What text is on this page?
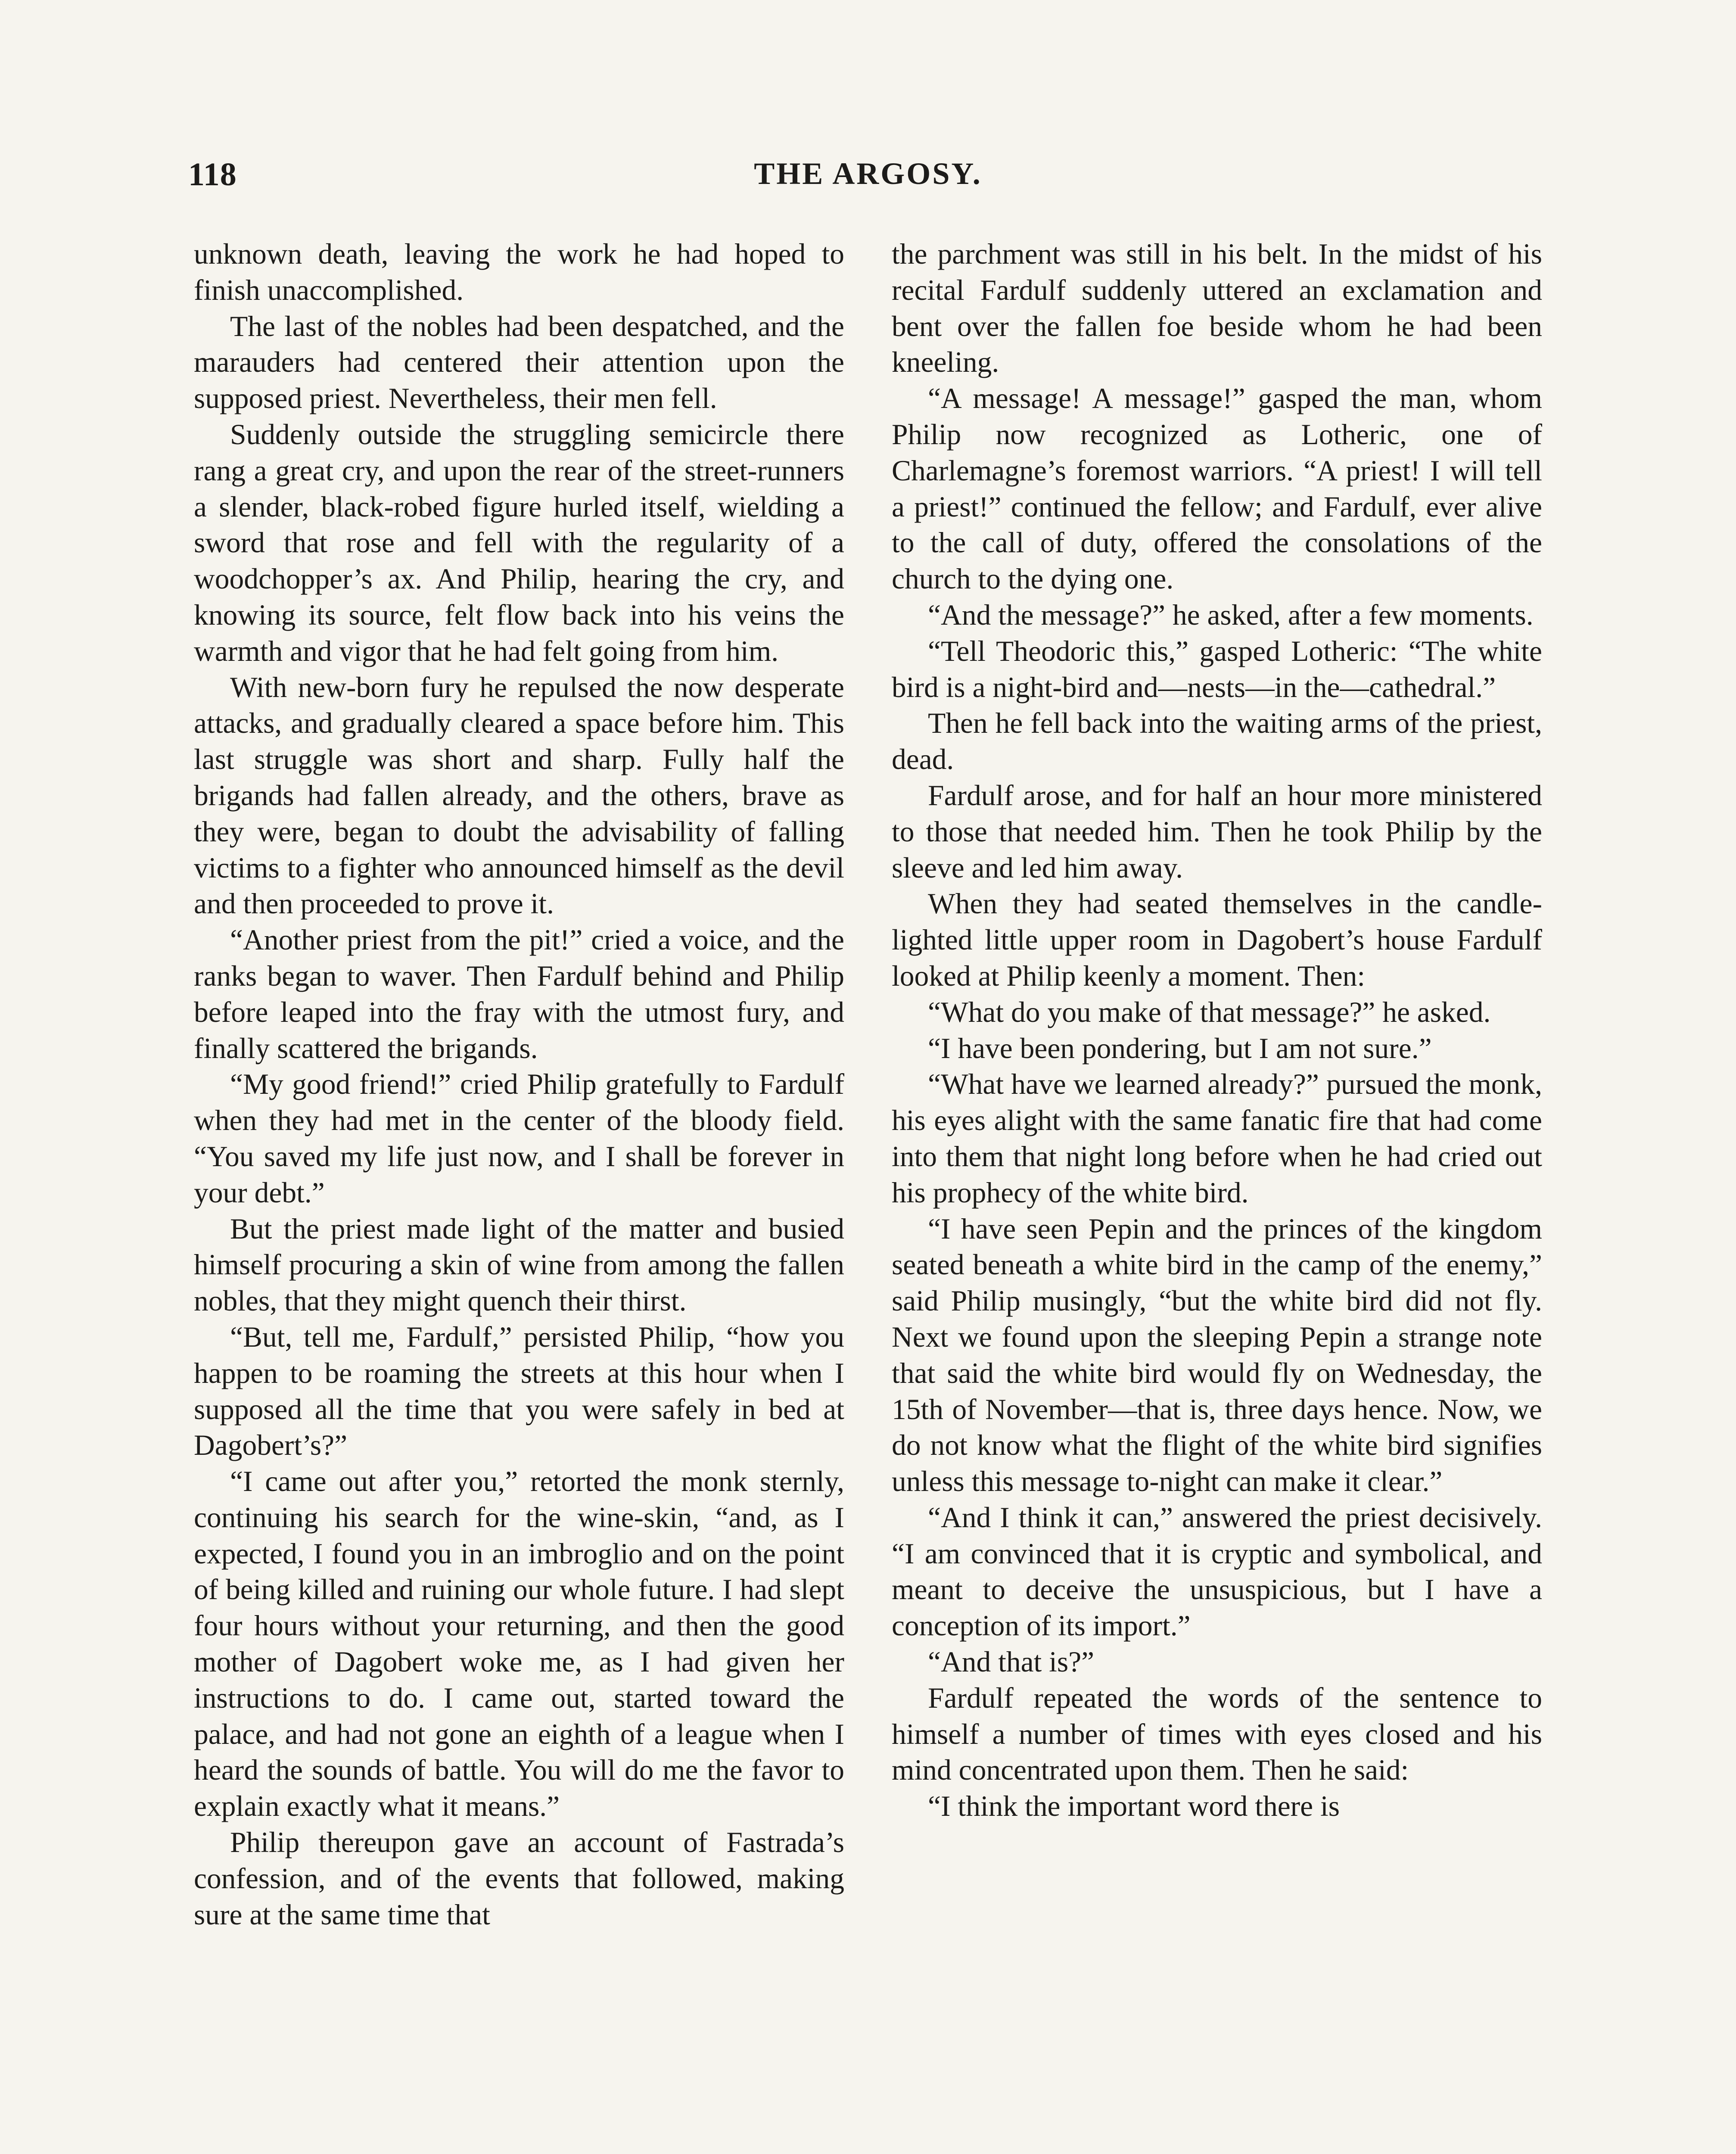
118	THE ARGOSY.

unknown death, leaving the work he had hoped to finish unaccomplished.

The last of the nobles had been despatched, and the marauders had centered their attention upon the supposed priest. Nevertheless, their men fell.

Suddenly outside the struggling semicircle there rang a great cry, and upon the rear of the street-runners a slender, black-robed figure hurled itself, wielding a sword that rose and fell with the regularity of a woodchopper’s ax. And Philip, hearing the cry, and knowing its source, felt flow back into his veins the warmth and vigor that he had felt going from him.

With new-born fury he repulsed the now desperate attacks, and gradually cleared a space before him. This last struggle was short and sharp. Fully half the brigands had fallen already, and the others, brave as they were, began to doubt the advisability of falling victims to a fighter who announced himself as the devil and then proceeded to prove it.

“Another priest from the pit!” cried a voice, and the ranks began to waver. Then Fardulf behind and Philip before leaped into the fray with the utmost fury, and finally scattered the brigands.

“My good friend!” cried Philip gratefully to Fardulf when they had met in the center of the bloody field. “You saved my life just now, and I shall be forever in your debt.”

But the priest made light of the matter and busied himself procuring a skin of wine from among the fallen nobles, that they might quench their thirst.

“But, tell me, Fardulf,” persisted Philip, “how you happen to be roaming the streets at this hour when I supposed all the time that you were safely in bed at Dagobert’s?”

“I came out after you,” retorted the monk sternly, continuing his search for the wine-skin, “and, as I expected, I found you in an imbroglio and on the point of being killed and ruining our whole future. I had slept four hours without your returning, and then the good mother of Dagobert woke me, as I had given her instructions to do. I came out, started toward the palace, and had not gone an eighth of a league when I heard the sounds of battle. You will do me the favor to explain exactly what it means.”

Philip thereupon gave an account of Fastrada’s confession, and of the events that followed, making sure at the same time that

the parchment was still in his belt. In the midst of his recital Fardulf suddenly uttered an exclamation and bent over the fallen foe beside whom he had been kneeling.

“A message! A message!” gasped the man, whom Philip now recognized as Lotheric, one of Charlemagne’s foremost warriors. “A priest! I will tell a priest!” continued the fellow; and Fardulf, ever alive to the call of duty, offered the consolations of the church to the dying one.

“And the message?” he asked, after a few moments.

“Tell Theodoric this,” gasped Lotheric: “The white bird is a night-bird and—nests—in the—cathedral.”

Then he fell back into the waiting arms of the priest, dead.

Fardulf arose, and for half an hour more ministered to those that needed him. Then he took Philip by the sleeve and led him away.

When they had seated themselves in the candle-lighted little upper room in Dagobert’s house Fardulf looked at Philip keenly a moment. Then:

“What do you make of that message?” he asked.

“I have been pondering, but I am not sure.”

“What have we learned already?” pursued the monk, his eyes alight with the same fanatic fire that had come into them that night long before when he had cried out his prophecy of the white bird.

“I have seen Pepin and the princes of the kingdom seated beneath a white bird in the camp of the enemy,” said Philip musingly, “but the white bird did not fly. Next we found upon the sleeping Pepin a strange note that said the white bird would fly on Wednesday, the 15th of November—that is, three days hence. Now, we do not know what the flight of the white bird signifies unless this message to-night can make it clear.”

“And I think it can,” answered the priest decisively. “I am convinced that it is cryptic and symbolical, and meant to deceive the unsuspicious, but I have a conception of its import.”

“And that is?”

Fardulf repeated the words of the sentence to himself a number of times with eyes closed and his mind concentrated upon them. Then he said:

“I think the important word there is
